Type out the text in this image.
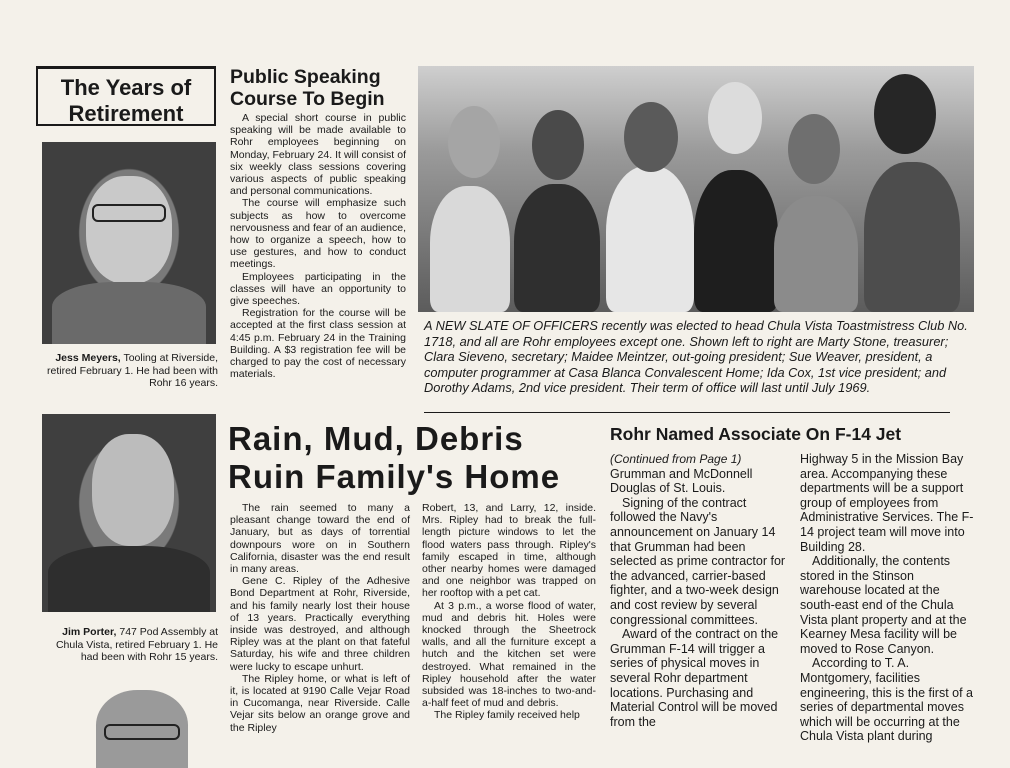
The Years of
Retirement
Jess Meyers, Tooling at Riverside, retired February 1. He had been with Rohr 16 years.
Jim Porter, 747 Pod Assembly at Chula Vista, retired February 1. He had been with Rohr 15 years.
Public Speaking
Course To Begin

A special short course in public speaking will be made available to Rohr employees beginning on Monday, February 24. It will consist of six weekly class sessions covering various aspects of public speaking and personal communications.

The course will emphasize such subjects as how to overcome nervousness and fear of an audience, how to organize a speech, how to use gestures, and how to conduct meetings.

Employees participating in the classes will have an opportunity to give speeches.

Registration for the course will be accepted at the first class session at 4:45 p.m. February 24 in the Training Building. A $3 registration fee will be charged to pay the cost of necessary materials.

A NEW SLATE OF OFFICERS recently was elected to head Chula Vista Toastmistress Club No. 1718, and all are Rohr employees except one. Shown left to right are Marty Stone, treasurer; Clara Sieveno, secretary; Maidee Meintzer, out-going president; Sue Weaver, president, a computer programmer at Casa Blanca Convalescent Home; Ida Cox, 1st vice president; and Dorothy Adams, 2nd vice president. Their term of office will last until July 1969.
Rain, Mud, Debris
Ruin Family's Home

The rain seemed to many a pleasant change toward the end of January, but as days of torrential downpours wore on in Southern California, disaster was the end result in many areas.

Gene C. Ripley of the Adhesive Bond Department at Rohr, Riverside, and his family nearly lost their house of 13 years. Practically everything inside was destroyed, and although Ripley was at the plant on that fateful Saturday, his wife and three children were lucky to escape unhurt.

The Ripley home, or what is left of it, is located at 9190 Calle Vejar Road in Cucomanga, near Riverside. Calle Vejar sits below an orange grove and the Ripley

Robert, 13, and Larry, 12, inside. Mrs. Ripley had to break the full-length picture windows to let the flood waters pass through. Ripley's family escaped in time, although other nearby homes were damaged and one neighbor was trapped on her rooftop with a pet cat.

At 3 p.m., a worse flood of water, mud and debris hit. Holes were knocked through the Sheetrock walls, and all the furniture except a hutch and the kitchen set were destroyed. What remained in the Ripley household after the water subsided was 18-inches to two-and-a-half feet of mud and debris.

The Ripley family received help

Rohr Named Associate On F-14 Jet
(Continued from Page 1)

Grumman and McDonnell Douglas of St. Louis.

Signing of the contract followed the Navy's announcement on January 14 that Grumman had been selected as prime contractor for the advanced, carrier-based fighter, and a two-week design and cost review by several congressional committees.

Award of the contract on the Grumman F-14 will trigger a series of physical moves in several Rohr department locations. Purchasing and Material Control will be moved from the

Highway 5 in the Mission Bay area. Accompanying these departments will be a support group of employees from Administrative Services. The F-14 project team will move into Building 28.

Additionally, the contents stored in the Stinson warehouse located at the south-east end of the Chula Vista plant property and at the Kearney Mesa facility will be moved to Rose Canyon.

According to T. A. Montgomery, facilities engineering, this is the first of a series of departmental moves which will be occurring at the Chula Vista plant during
